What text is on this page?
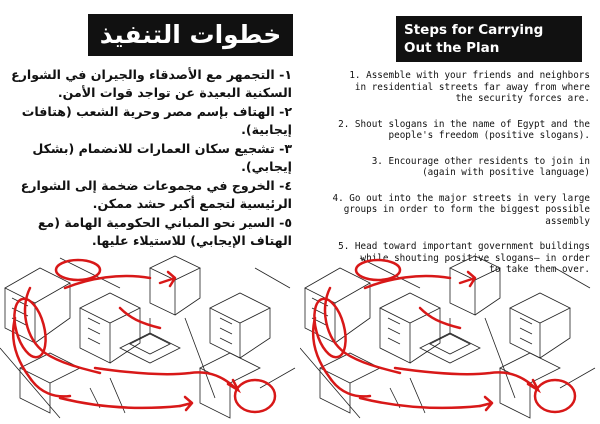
خطوات التنفيذ
١- التجمهر مع الأصدقاء والجيران في الشوارع السكنية البعيدة عن تواجد قوات الأمن.
٢- الهتاف بإسم مصر وحرية الشعب (هتافات إيجابية).
٣- تشجيع سكان العمارات للانضمام (بشكل إيجابي).
٤- الخروج في مجموعات ضخمة إلى الشوارع الرئيسية لتجمع أكبر حشد ممكن.
٥- السير نحو المباني الحكومية الهامة (مع الهتاف الإيجابي) للاستيلاء عليها.
Steps for Carrying
Out the Plan
1. Assemble with your friends and neighbors
in residential streets far away from where
the security forces are.
2. Shout slogans in the name of Egypt and the
people's freedom (positive slogans).
3. Encourage other residents to join in
(again with positive language)
4. Go out into the major streets in very large
groups in order to form the biggest possible assembly
5. Head toward important government buildings
while shouting positive slogans– in order
to take them over.
